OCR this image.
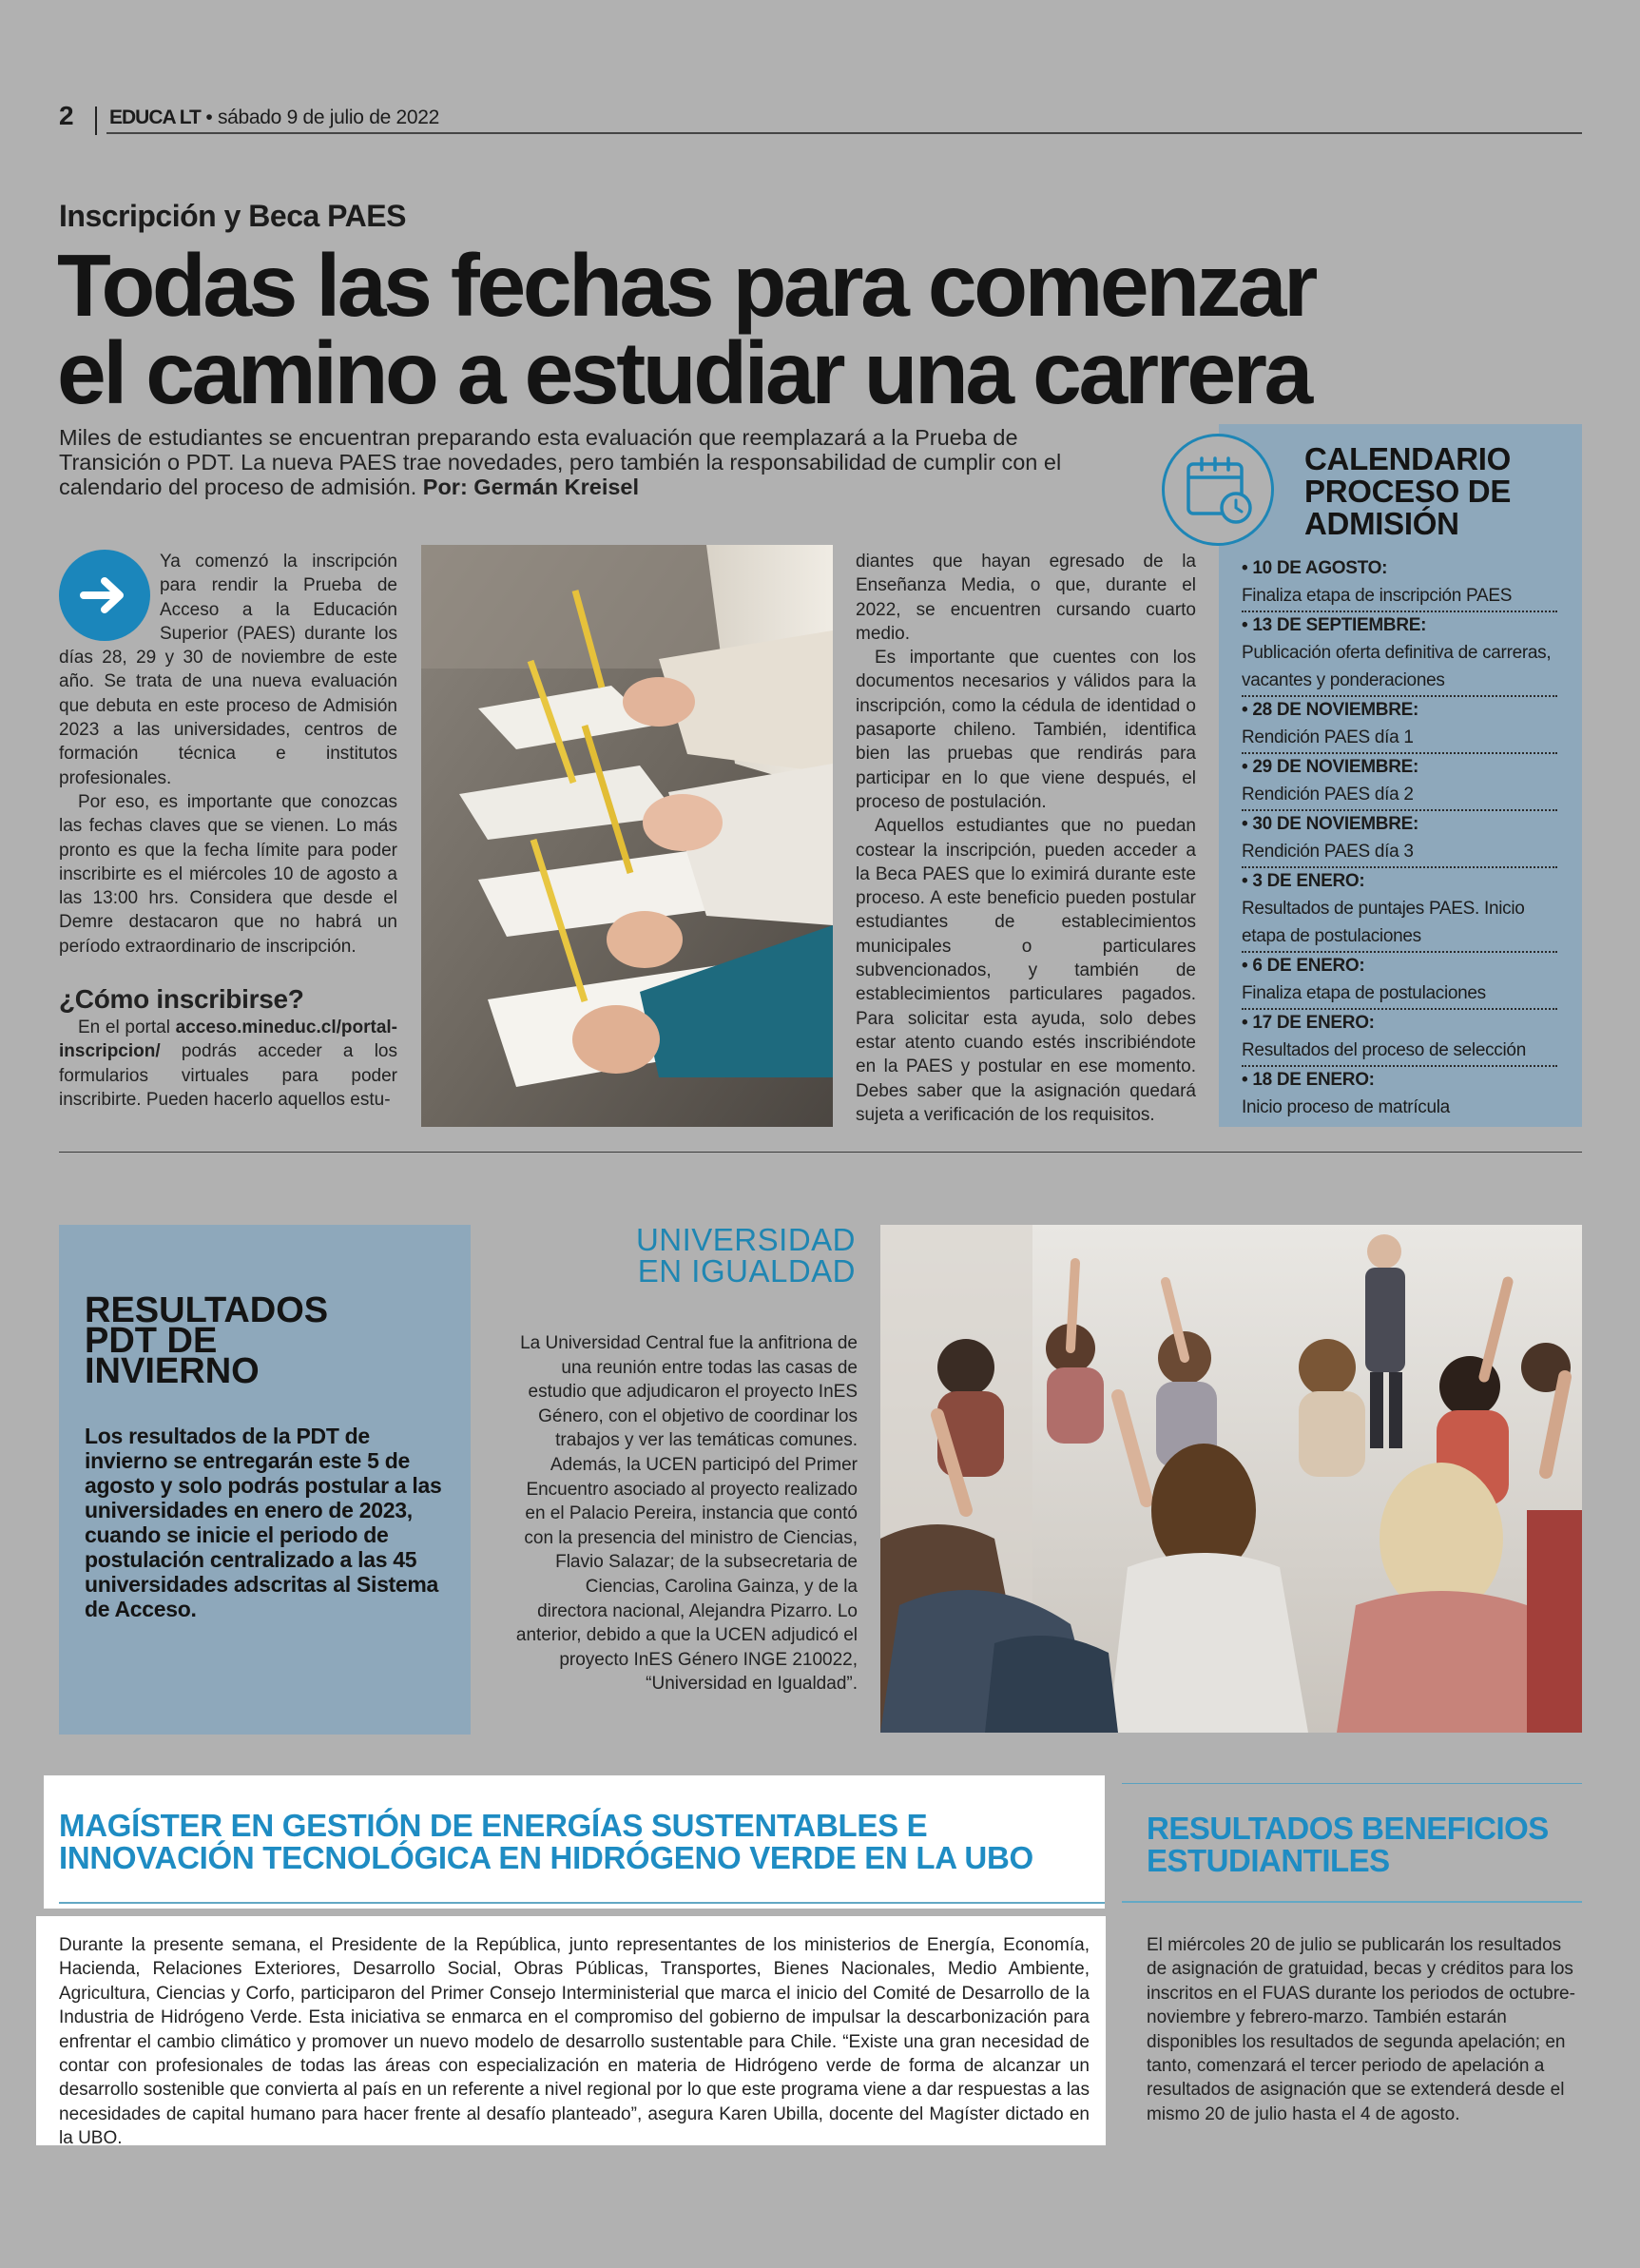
2 EDUCA LT • sábado 9 de julio de 2022
Inscripción y Beca PAES
Todas las fechas para comenzar
el camino a estudiar una carrera
Miles de estudiantes se encuentran preparando esta evaluación que reemplazará a la Prueba de Transición o PDT. La nueva PAES trae novedades, pero también la responsabilidad de cumplir con el calendario del proceso de admisión. Por: Germán Kreisel

Ya comenzó la inscripción para rendir la Prueba de Acceso a la Educación Superior (PAES) durante los días 28, 29 y 30 de noviembre de este año. Se trata de una nueva evaluación que debuta en este proceso de Admisión 2023 a las universidades, centros de formación técnica e institutos profesionales.

Por eso, es importante que conozcas las fechas claves que se vienen. Lo más pronto es que la fecha límite para poder inscribirte es el miércoles 10 de agosto a las 13:00 hrs. Considera que desde el Demre destacaron que no habrá un período extraordinario de inscripción.

¿Cómo inscribirse?

En el portal acceso.mineduc.cl/portal-inscripcion/ podrás acceder a los formularios virtuales para poder inscribirte. Pueden hacerlo aquellos estu-

diantes que hayan egresado de la Enseñanza Media, o que, durante el 2022, se encuentren cursando cuarto medio.

Es importante que cuentes con los documentos necesarios y válidos para la inscripción, como la cédula de identidad o pasaporte chileno. También, identifica bien las pruebas que rendirás para participar en lo que viene después, el proceso de postulación.

Aquellos estudiantes que no puedan costear la inscripción, pueden acceder a la Beca PAES que lo eximirá durante este proceso. A este beneficio pueden postular estudiantes de establecimientos municipales o particulares subvencionados, y también de establecimientos particulares pagados. Para solicitar esta ayuda, solo debes estar atento cuando estés inscribiéndote en la PAES y postular en ese momento. Debes saber que la asignación quedará sujeta a verificación de los requisitos.

CALENDARIO PROCESO DE ADMISIÓN
• 10 DE AGOSTO:
Finaliza etapa de inscripción PAES
• 13 DE SEPTIEMBRE:
Publicación oferta definitiva de carreras, vacantes y ponderaciones
• 28 DE NOVIEMBRE:
Rendición PAES día 1
• 29 DE NOVIEMBRE:
Rendición PAES día 2
• 30 DE NOVIEMBRE:
Rendición PAES día 3
• 3 DE ENERO:
Resultados de puntajes PAES. Inicio etapa de postulaciones
• 6 DE ENERO:
Finaliza etapa de postulaciones
• 17 DE ENERO:
Resultados del proceso de selección
• 18 DE ENERO:
Inicio proceso de matrícula
RESULTADOS
PDT DE
INVIERNO
Los resultados de la PDT de invierno se entregarán este 5 de agosto y solo podrás postular a las universidades en enero de 2023, cuando se inicie el periodo de postulación centralizado a las 45 universidades adscritas al Sistema de Acceso.
UNIVERSIDAD
EN IGUALDAD
La Universidad Central fue la anfitriona de una reunión entre todas las casas de estudio que adjudicaron el proyecto InES Género, con el objetivo de coordinar los trabajos y ver las temáticas comunes. Además, la UCEN participó del Primer Encuentro asociado al proyecto realizado en el Palacio Pereira, instancia que contó con la presencia del ministro de Ciencias, Flavio Salazar; de la subsecretaria de Ciencias, Carolina Gainza, y de la directora nacional, Alejandra Pizarro. Lo anterior, debido a que la UCEN adjudicó el proyecto InES Género INGE 210022, “Universidad en Igualdad”.
MAGÍSTER EN GESTIÓN DE ENERGÍAS SUSTENTABLES E
INNOVACIÓN TECNOLÓGICA EN HIDRÓGENO VERDE EN LA UBO
Durante la presente semana, el Presidente de la República, junto representantes de los ministerios de Energía, Economía, Hacienda, Relaciones Exteriores, Desarrollo Social, Obras Públicas, Transportes, Bienes Nacionales, Medio Ambiente, Agricultura, Ciencias y Corfo, participaron del Primer Consejo Interministerial que marca el inicio del Comité de Desarrollo de la Industria de Hidrógeno Verde. Esta iniciativa se enmarca en el compromiso del gobierno de impulsar la descarbonización para enfrentar el cambio climático y promover un nuevo modelo de desarrollo sustentable para Chile. “Existe una gran necesidad de contar con profesionales de todas las áreas con especialización en materia de Hidrógeno verde de forma de alcanzar un desarrollo sostenible que convierta al país en un referente a nivel regional por lo que este programa viene a dar respuestas a las necesidades de capital humano para hacer frente al desafío planteado”, asegura Karen Ubilla, docente del Magíster dictado en la UBO.
RESULTADOS BENEFICIOS
ESTUDIANTILES
El miércoles 20 de julio se publicarán los resultados de asignación de gratuidad, becas y créditos para los inscritos en el FUAS durante los periodos de octubre-noviembre y febrero-marzo. También estarán disponibles los resultados de segunda apelación; en tanto, comenzará el tercer periodo de apelación a resultados de asignación que se extenderá desde el mismo 20 de julio hasta el 4 de agosto.
